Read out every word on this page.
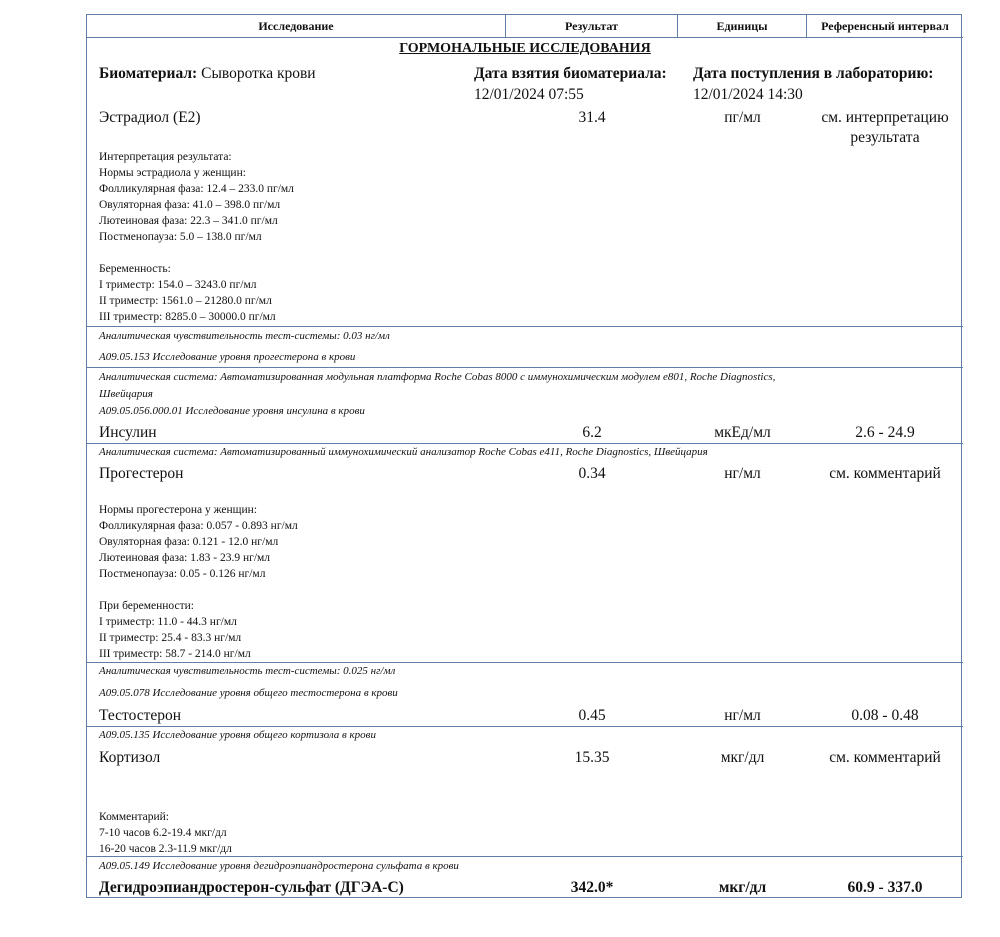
Исследование	Результат	Единицы	Референсный интервал
ГОРМОНАЛЬНЫЕ ИССЛЕДОВАНИЯ
Биоматериал: Сыворотка крови	Дата взятия биоматериала:
12/01/2024 07:55
Дата поступления в лабораторию:
12/01/2024 14:30
Эстрадиол (Е2)	31.4	пг/мл	см. интерпретацию
результата
Интерпретация результата:
Нормы эстрадиола у женщин:
Фолликулярная фаза: 12.4 – 233.0 пг/мл
Овуляторная фаза: 41.0 – 398.0 пг/мл
Лютеиновая фаза: 22.3 – 341.0 пг/мл
Постменопауза: 5.0 – 138.0 пг/мл
Беременность:
I триместр: 154.0 – 3243.0 пг/мл
II триместр: 1561.0 – 21280.0 пг/мл
III триместр: 8285.0 – 30000.0 пг/мл
Аналитическая чувствительность тест-системы: 0.03 нг/мл
A09.05.153 Исследование уровня прогестерона в крови
Аналитическая система: Автоматизированная модульная платформа Roche Cobas 8000 с иммунохимическим модулем e801, Roche Diagnostics,
Швейцария
A09.05.056.000.01 Исследование уровня инсулина в крови
Инсулин	6.2	мкЕд/мл	2.6 - 24.9
Аналитическая система: Автоматизированный иммунохимический анализатор Roche Cobas e411, Roche Diagnostics, Швейцария
Прогестерон	0.34	нг/мл	см. комментарий
Нормы прогестерона у женщин:
Фолликулярная фаза: 0.057 - 0.893 нг/мл
Овуляторная фаза: 0.121 - 12.0 нг/мл
Лютеиновая фаза: 1.83 - 23.9 нг/мл
Постменопауза: 0.05 - 0.126 нг/мл
При беременности:
I триместр: 11.0 - 44.3 нг/мл
II триместр: 25.4 - 83.3 нг/мл
III триместр: 58.7 - 214.0 нг/мл
Аналитическая чувствительность тест-системы: 0.025 нг/мл
A09.05.078 Исследование уровня общего тестостерона в крови
Тестостерон	0.45	нг/мл	0.08 - 0.48
A09.05.135 Исследование уровня общего кортизола в крови
Кортизол	15.35	мкг/дл	см. комментарий
Комментарий:
7-10 часов 6.2-19.4 мкг/дл
16-20 часов 2.3-11.9 мкг/дл
A09.05.149 Исследование уровня дегидроэпиандростерона сульфата в крови
Дегидроэпиандростерон-сульфат (ДГЭА-С)	342.0*	мкг/дл	60.9 - 337.0
